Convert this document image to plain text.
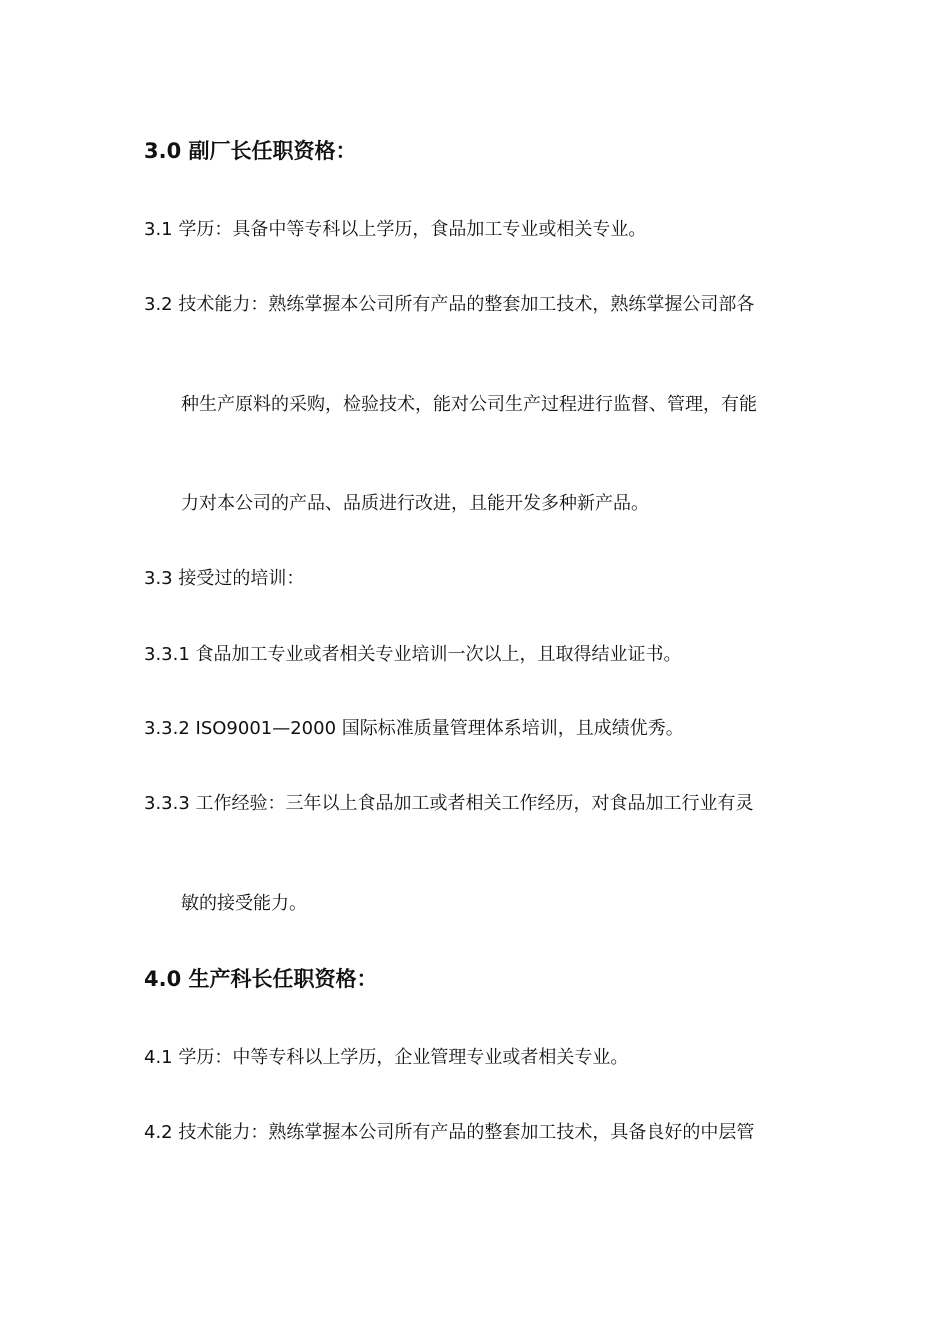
3.0 副厂长任职资格：
3.1 学历：具备中等专科以上学历，食品加工专业或相关专业。
3.2 技术能力：熟练掌握本公司所有产品的整套加工技术，熟练掌握公司部各
种生产原料的采购，检验技术，能对公司生产过程进行监督、管理，有能
力对本公司的产品、品质进行改进，且能开发多种新产品。
3.3 接受过的培训：
3.3.1 食品加工专业或者相关专业培训一次以上，且取得结业证书。
3.3.2 ISO9001—2000 国际标准质量管理体系培训，且成绩优秀。
3.3.3 工作经验：三年以上食品加工或者相关工作经历，对食品加工行业有灵
敏的接受能力。
4.0 生产科长任职资格：
4.1 学历：中等专科以上学历，企业管理专业或者相关专业。
4.2 技术能力：熟练掌握本公司所有产品的整套加工技术，具备良好的中层管
